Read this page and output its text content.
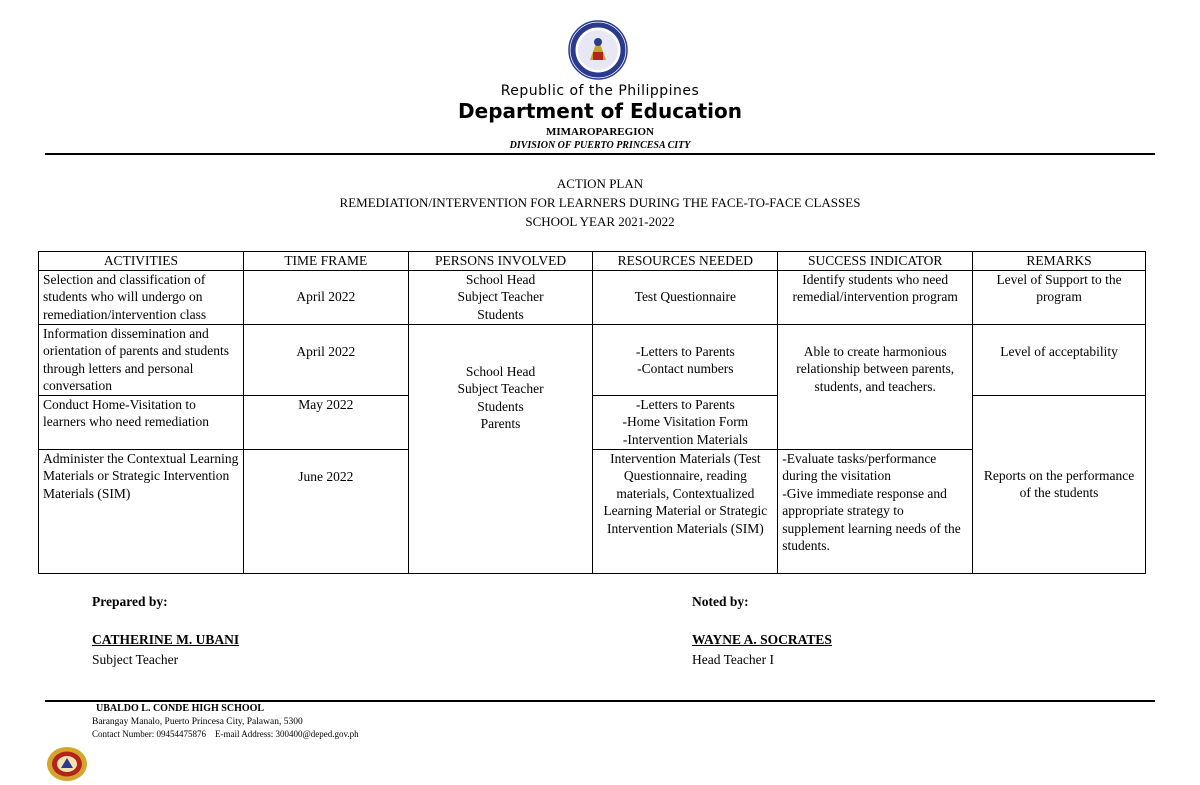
Republic of the Philippines
Department of Education
MIMAROPAREGION
DIVISION OF PUERTO PRINCESA CITY
ACTION PLAN
REMEDIATION/INTERVENTION FOR LEARNERS DURING THE FACE-TO-FACE CLASSES
SCHOOL YEAR 2021-2022
ACTIVITIES	TIME FRAME	PERSONS INVOLVED	RESOURCES NEEDED	SUCCESS INDICATOR	REMARKS
Selection and classification of students who will undergo on remediation/intervention class	April 2022	School Head
Subject Teacher
Students	Test Questionnaire	Identify students who need remedial/intervention program	Level of Support to the program
Information dissemination and orientation of parents and students through letters and personal conversation	April 2022	School Head
Subject Teacher
Students
Parents	-Letters to Parents
-Contact numbers	Able to create harmonious relationship between parents, students, and teachers.	Level of acceptability
Conduct Home-Visitation to learners who need remediation	May 2022		-Letters to Parents
-Home Visitation Form
-Intervention Materials		Reports on the performance of the students
Administer the Contextual Learning Materials or Strategic Intervention Materials (SIM)	June 2022		Intervention Materials (Test Questionnaire, reading materials, Contextualized Learning Material or Strategic Intervention Materials (SIM)	-Evaluate tasks/performance during the visitation
-Give immediate response and appropriate strategy to supplement learning needs of the students.	
Prepared by:	Noted by:
CATHERINE M. UBANI	WAYNE A. SOCRATES
Subject Teacher	Head Teacher I
UBALDO L. CONDE HIGH SCHOOL
Barangay Manalo, Puerto Princesa City, Palawan, 5300
Contact Number: 09454475876    E-mail Address: 300400@deped.gov.ph
